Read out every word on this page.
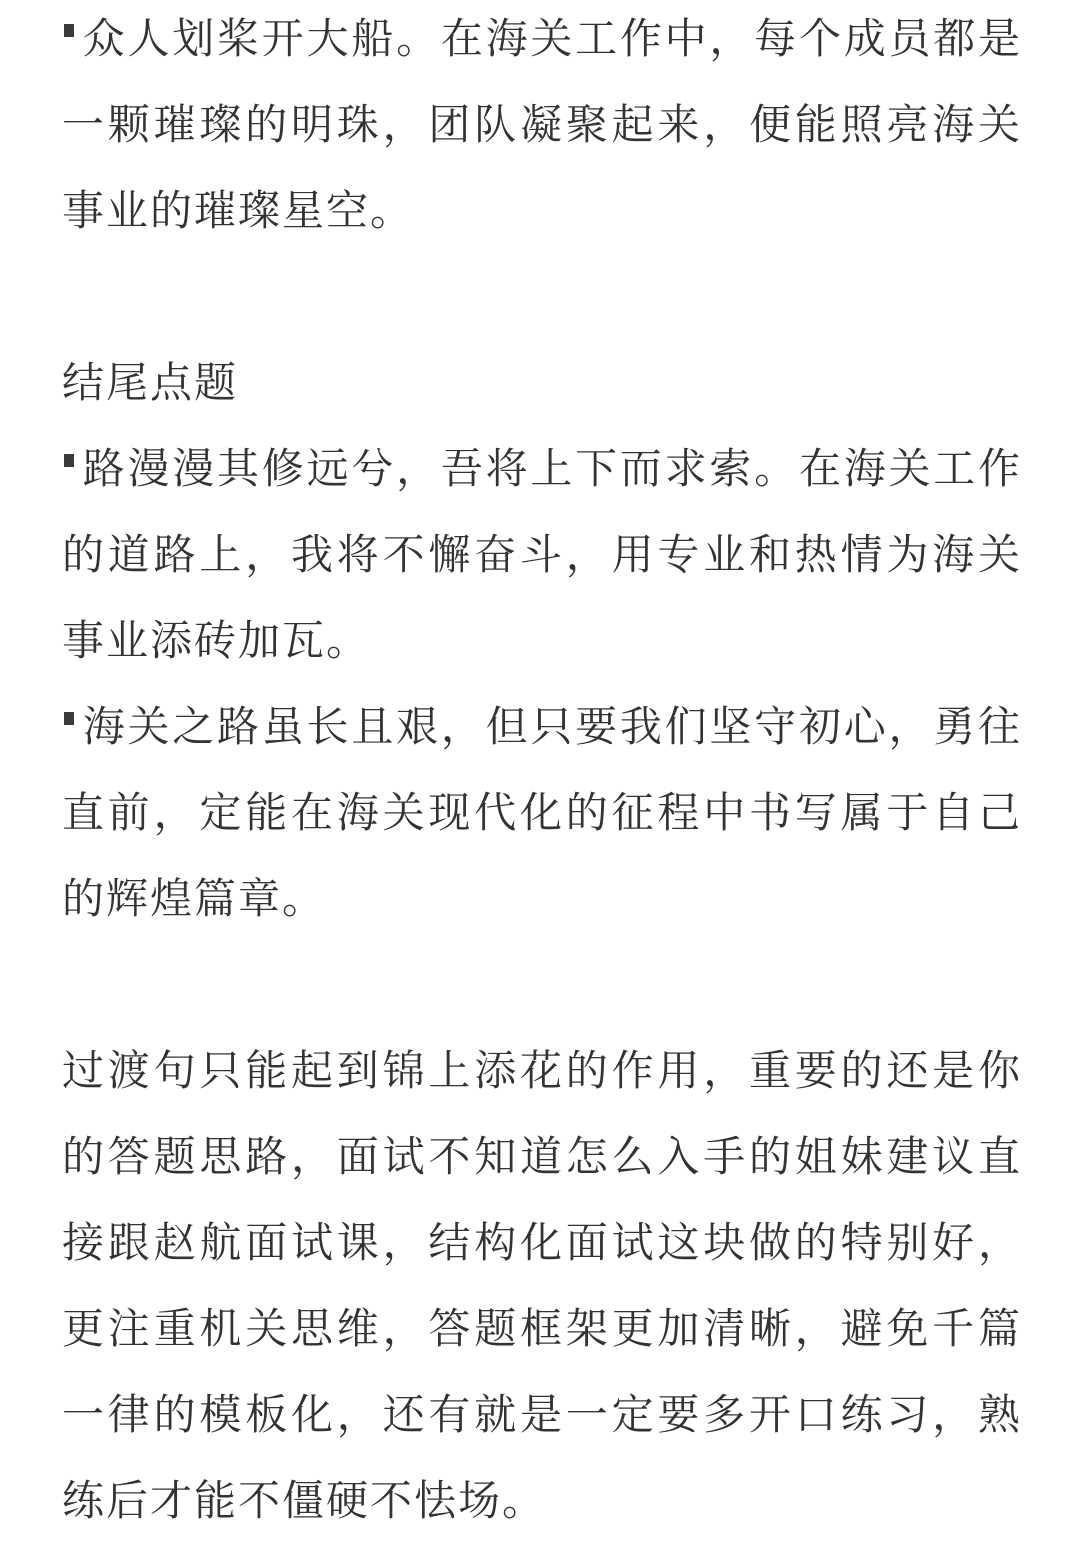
众人划桨开大船。在海关工作中，每个成员都是一颗璀璨的明珠，团队凝聚起来，便能照亮海关事业的璀璨星空。

结尾点题

路漫漫其修远兮，吾将上下而求索。在海关工作的道路上，我将不懈奋斗，用专业和热情为海关事业添砖加瓦。

海关之路虽长且艰，但只要我们坚守初心，勇往直前，定能在海关现代化的征程中书写属于自己的辉煌篇章。

过渡句只能起到锦上添花的作用，重要的还是你的答题思路，面试不知道怎么入手的姐妹建议直接跟赵航面试课，结构化面试这块做的特别好，更注重机关思维，答题框架更加清晰，避免千篇一律的模板化，还有就是一定要多开口练习，熟练后才能不僵硬不怯场。
